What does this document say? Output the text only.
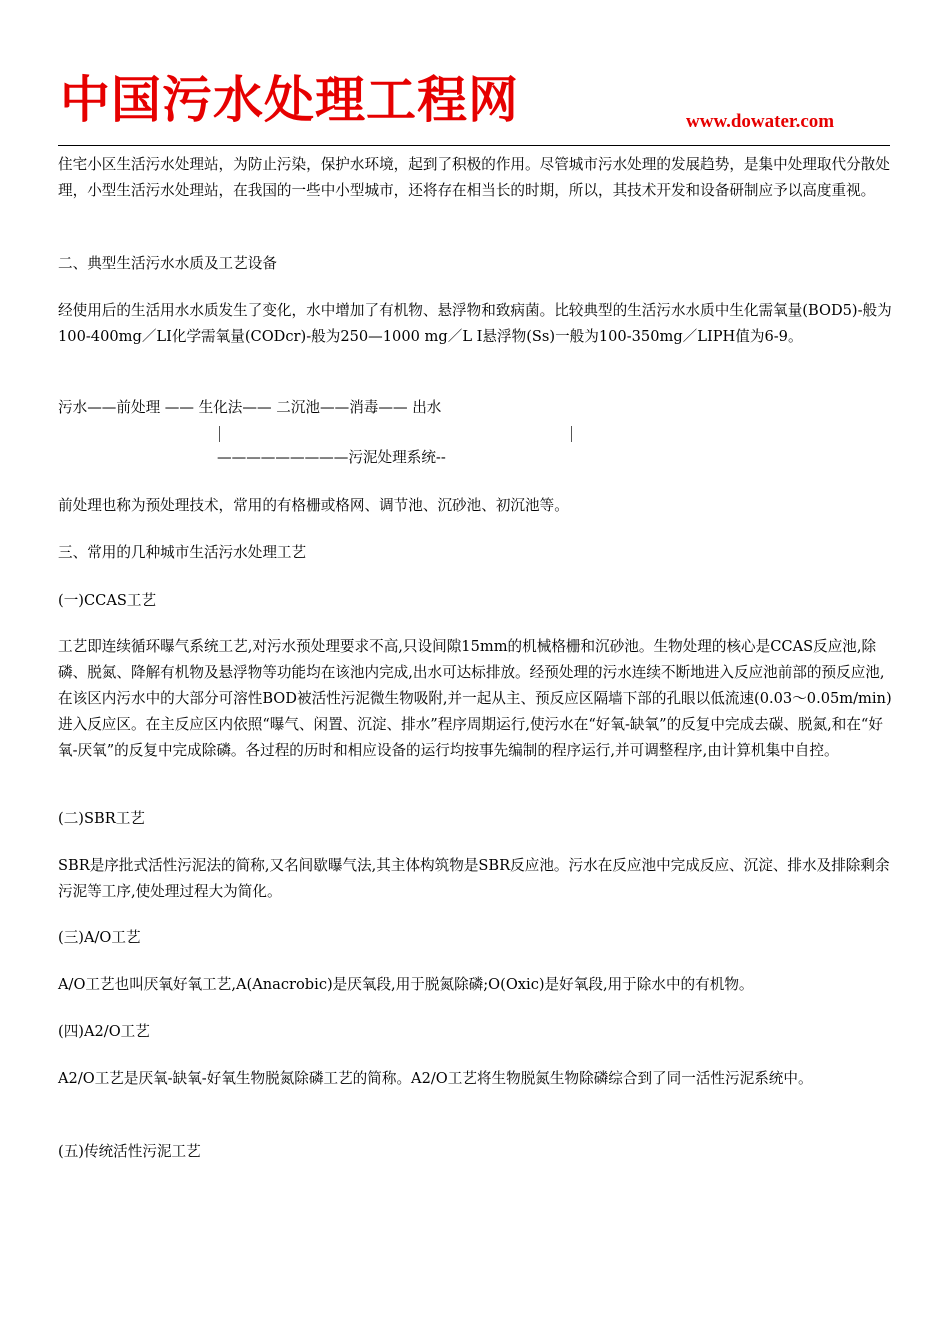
中国污水处理工程网	www.dowater.com

住宅小区生活污水处理站，为防止污染，保护水环境，起到了积极的作用。尽管城市污水处理的发展趋势，是集中处理取代分散处理，小型生活污水处理站，在我国的一些中小型城市，还将存在相当长的时期，所以，其技术开发和设备研制应予以高度重视。

二、典型生活污水水质及工艺设备

经使用后的生活用水水质发生了变化，水中增加了有机物、悬浮物和致病菌。比较典型的生活污水水质中生化需氧量(BOD5)-般为100-400mg／LI化学需氧量(CODcr)-般为250—1000 mg／L I悬浮物(Ss)一般为100-350mg／LIPH值为6-9。

污水——前处理 —— 生化法—— 二沉池——消毒—— 出水

—————————污泥处理系统--

前处理也称为预处理技术，常用的有格栅或格网、调节池、沉砂池、初沉池等。

三、常用的几种城市生活污水处理工艺

(一)CCAS工艺

工艺即连续循环曝气系统工艺,对污水预处理要求不高,只设间隙15mm的机械格栅和沉砂池。生物处理的核心是CCAS反应池,除磷、脱氮、降解有机物及悬浮物等功能均在该池内完成,出水可达标排放。经预处理的污水连续不断地进入反应池前部的预反应池,在该区内污水中的大部分可溶性BOD被活性污泥微生物吸附,并一起从主、预反应区隔墙下部的孔眼以低流速(0.03～0.05m/min)进入反应区。在主反应区内依照“曝气、闲置、沉淀、排水”程序周期运行,使污水在“好氧-缺氧”的反复中完成去碳、脱氮,和在“好氧-厌氧”的反复中完成除磷。各过程的历时和相应设备的运行均按事先编制的程序运行,并可调整程序,由计算机集中自控。

(二)SBR工艺

SBR是序批式活性污泥法的简称,又名间歇曝气法,其主体构筑物是SBR反应池。污水在反应池中完成反应、沉淀、排水及排除剩余污泥等工序,使处理过程大为简化。

(三)A/O工艺

A/O工艺也叫厌氧好氧工艺,A(Anacrobic)是厌氧段,用于脱氮除磷;O(Oxic)是好氧段,用于除水中的有机物。

(四)A2/O工艺

A2/O工艺是厌氧-缺氧-好氧生物脱氮除磷工艺的简称。A2/O工艺将生物脱氮生物除磷综合到了同一活性污泥系统中。

(五)传统活性污泥工艺
